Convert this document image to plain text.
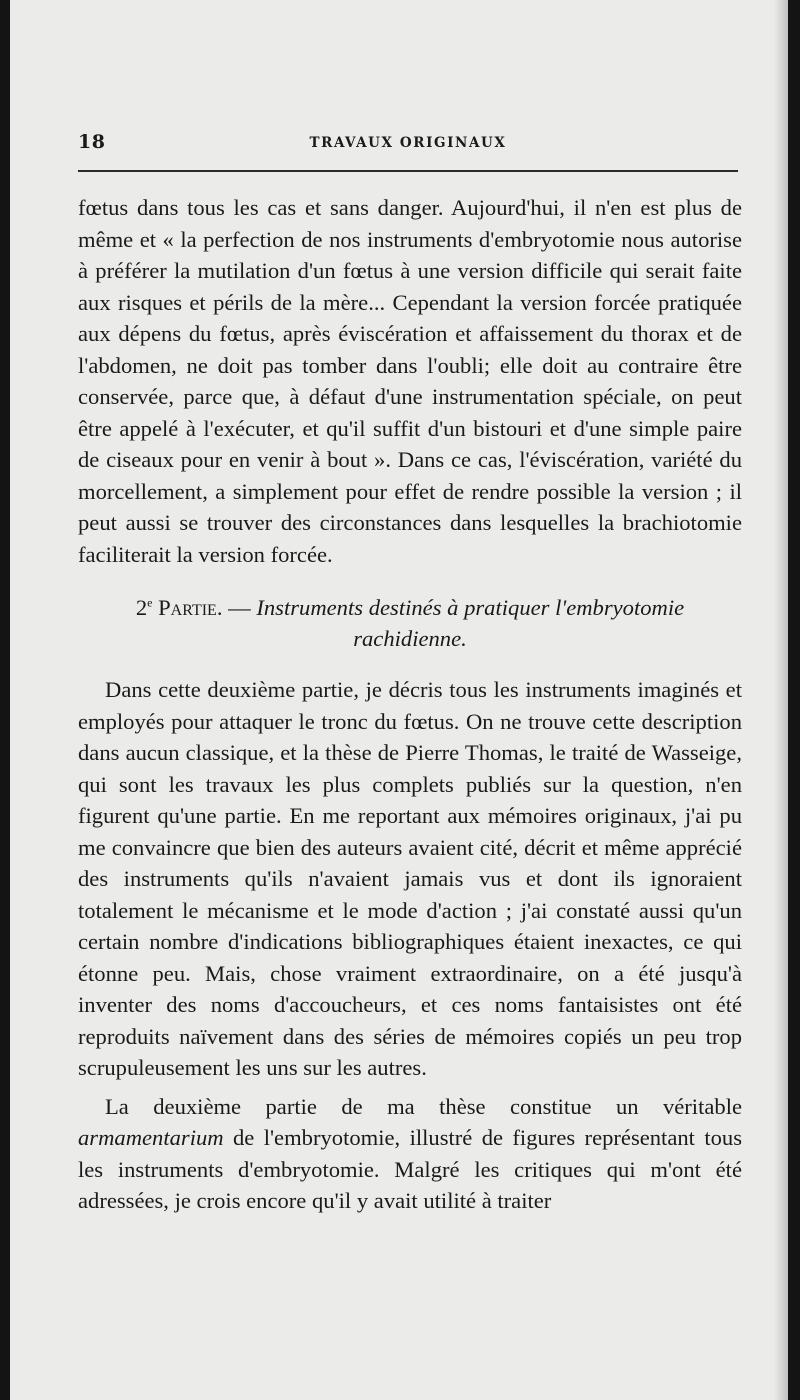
18	TRAVAUX ORIGINAUX

fœtus dans tous les cas et sans danger. Aujourd'hui, il n'en est plus de même et « la perfection de nos instruments d'embryotomie nous autorise à préférer la mutilation d'un fœtus à une version difficile qui serait faite aux risques et périls de la mère... Cependant la version forcée pratiquée aux dépens du fœtus, après éviscération et affaissement du thorax et de l'abdomen, ne doit pas tomber dans l'oubli; elle doit au contraire être conservée, parce que, à défaut d'une instrumentation spéciale, on peut être appelé à l'exécuter, et qu'il suffit d'un bistouri et d'une simple paire de ciseaux pour en venir à bout ». Dans ce cas, l'éviscération, variété du morcellement, a simplement pour effet de rendre possible la version ; il peut aussi se trouver des circonstances dans lesquelles la brachiotomie faciliterait la version forcée.

2e Partie. — Instruments destinés à pratiquer l'embryotomie rachidienne.

Dans cette deuxième partie, je décris tous les instruments imaginés et employés pour attaquer le tronc du fœtus. On ne trouve cette description dans aucun classique, et la thèse de Pierre Thomas, le traité de Wasseige, qui sont les travaux les plus complets publiés sur la question, n'en figurent qu'une partie. En me reportant aux mémoires originaux, j'ai pu me convaincre que bien des auteurs avaient cité, décrit et même apprécié des instruments qu'ils n'avaient jamais vus et dont ils ignoraient totalement le mécanisme et le mode d'action ; j'ai constaté aussi qu'un certain nombre d'indications bibliographiques étaient inexactes, ce qui étonne peu. Mais, chose vraiment extraordinaire, on a été jusqu'à inventer des noms d'accoucheurs, et ces noms fantaisistes ont été reproduits naïvement dans des séries de mémoires copiés un peu trop scrupuleusement les uns sur les autres.

La deuxième partie de ma thèse constitue un véritable armamentarium de l'embryotomie, illustré de figures représentant tous les instruments d'embryotomie. Malgré les critiques qui m'ont été adressées, je crois encore qu'il y avait utilité à traiter
